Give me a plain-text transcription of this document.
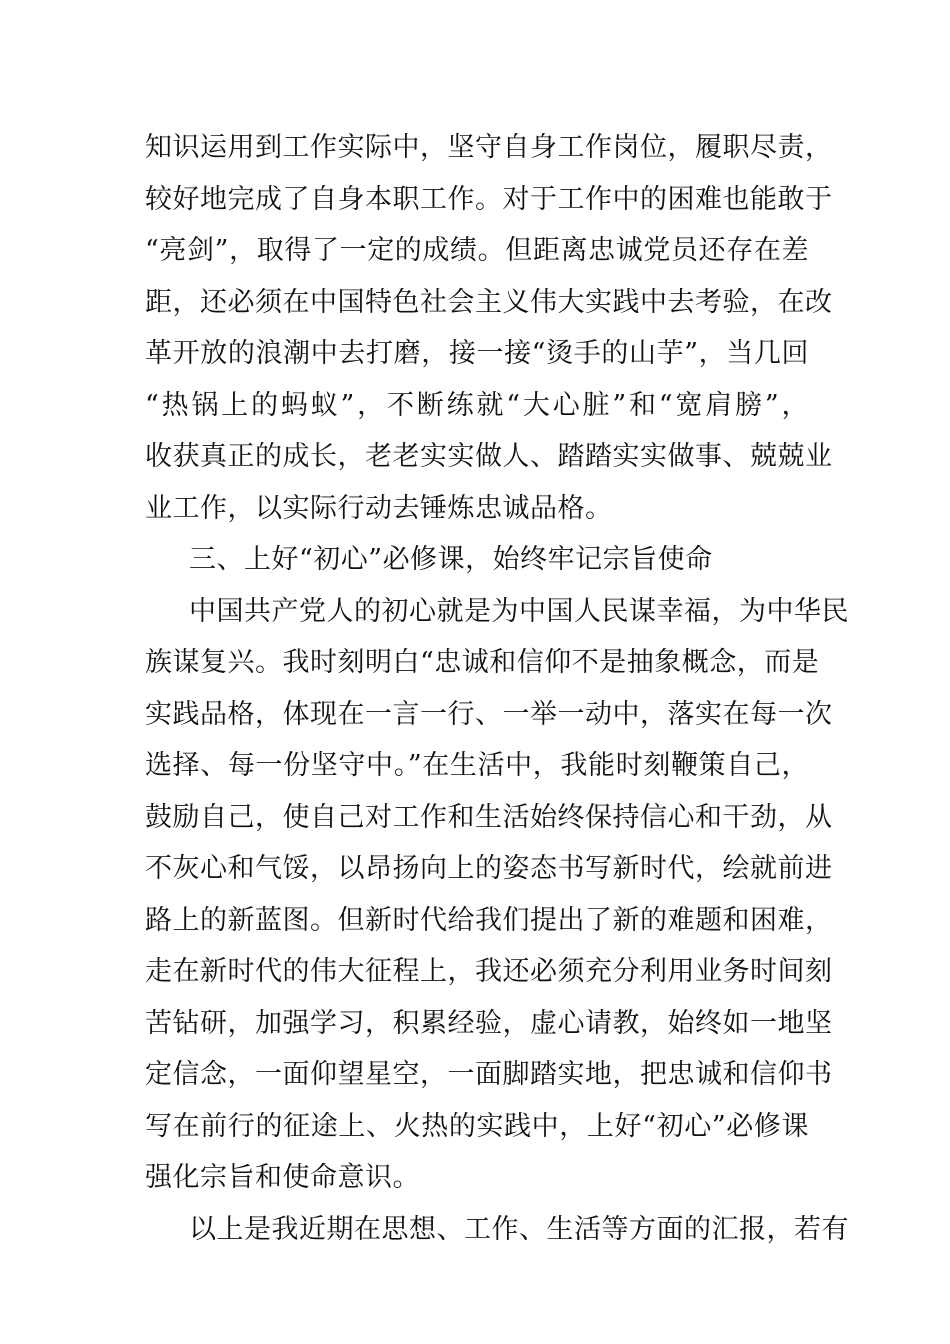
知识运用到工作实际中，坚守自身工作岗位，履职尽责，
较好地完成了自身本职工作。对于工作中的困难也能敢于
“亮剑”，取得了一定的成绩。但距离忠诚党员还存在差
距，还必须在中国特色社会主义伟大实践中去考验，在改
革开放的浪潮中去打磨，接一接“烫手的山芋”，当几回
“热锅上的蚂蚁”，不断练就“大心脏”和“宽肩膀”，
收获真正的成长，老老实实做人、踏踏实实做事、兢兢业
业工作，以实际行动去锤炼忠诚品格。
三、上好“初心”必修课，始终牢记宗旨使命
中国共产党人的初心就是为中国人民谋幸福，为中华民
族谋复兴。我时刻明白“忠诚和信仰不是抽象概念，而是
实践品格，体现在一言一行、一举一动中，落实在每一次
选择、每一份坚守中。”在生活中，我能时刻鞭策自己，
鼓励自己，使自己对工作和生活始终保持信心和干劲，从
不灰心和气馁，以昂扬向上的姿态书写新时代，绘就前进
路上的新蓝图。但新时代给我们提出了新的难题和困难，
走在新时代的伟大征程上，我还必须充分利用业务时间刻
苦钻研，加强学习，积累经验，虚心请教，始终如一地坚
定信念，一面仰望星空，一面脚踏实地，把忠诚和信仰书
写在前行的征途上、火热的实践中，上好“初心”必修课
强化宗旨和使命意识。
以上是我近期在思想、工作、生活等方面的汇报，若有
